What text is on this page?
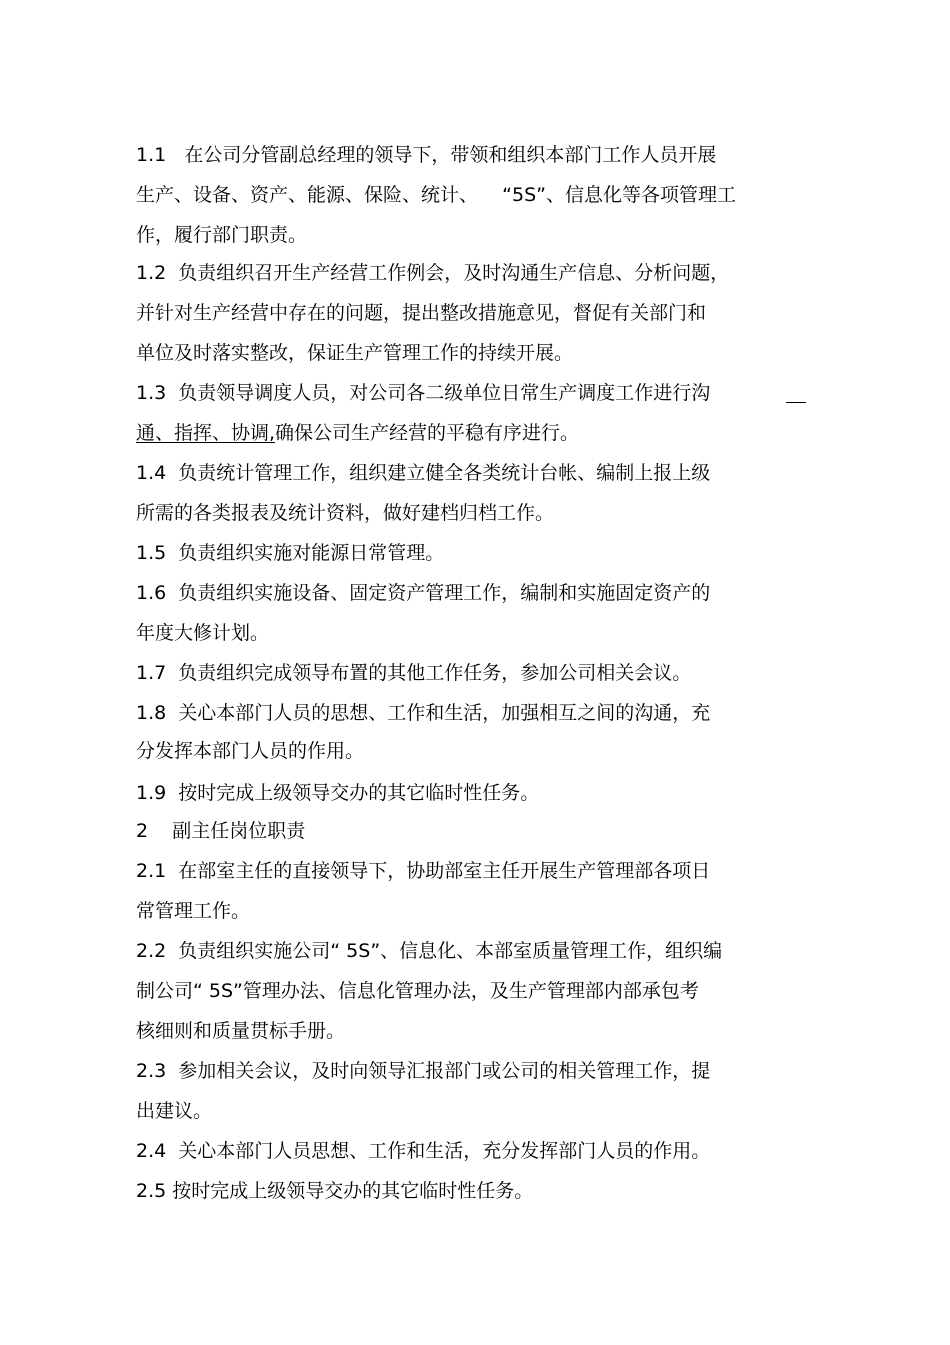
1.1   在公司分管副总经理的领导下，带领和组织本部门工作人员开展
生产、设备、资产、能源、保险、统计、    “5S”、信息化等各项管理工
作，履行部门职责。
1.2  负责组织召开生产经营工作例会，及时沟通生产信息、分析问题，
并针对生产经营中存在的问题，提出整改措施意见，督促有关部门和
单位及时落实整改，保证生产管理工作的持续开展。
1.3  负责领导调度人员，对公司各二级单位日常生产调度工作进行沟
通、指挥、协调,确保公司生产经营的平稳有序进行。
1.4  负责统计管理工作，组织建立健全各类统计台帐、编制上报上级
所需的各类报表及统计资料，做好建档归档工作。
1.5  负责组织实施对能源日常管理。
1.6  负责组织实施设备、固定资产管理工作，编制和实施固定资产的
年度大修计划。
1.7  负责组织完成领导布置的其他工作任务，参加公司相关会议。
1.8  关心本部门人员的思想、工作和生活，加强相互之间的沟通，充
分发挥本部门人员的作用。
1.9  按时完成上级领导交办的其它临时性任务。
2    副主任岗位职责
2.1  在部室主任的直接领导下，协助部室主任开展生产管理部各项日
常管理工作。
2.2  负责组织实施公司“ 5S”、信息化、本部室质量管理工作，组织编
制公司“ 5S”管理办法、信息化管理办法，及生产管理部内部承包考
核细则和质量贯标手册。
2.3  参加相关会议，及时向领导汇报部门或公司的相关管理工作，提
出建议。
2.4  关心本部门人员思想、工作和生活，充分发挥部门人员的作用。
2.5 按时完成上级领导交办的其它临时性任务。
